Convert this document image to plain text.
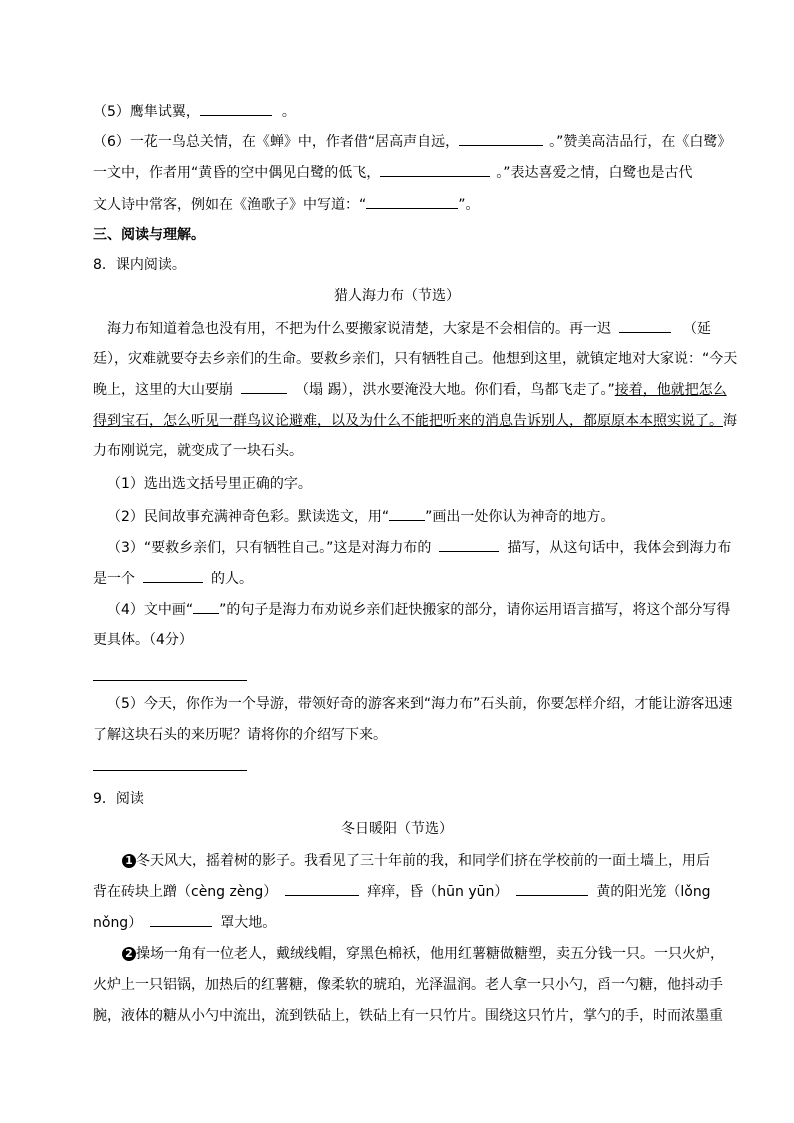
（5）鹰隼试翼，	。
（6）一花一鸟总关情，在《蝉》中，作者借“居高声自远，	。”赞美高洁品行，在《白鹭》
一文中，作者用“黄昏的空中偶见白鹭的低飞，	。”表达喜爱之情，白鹭也是古代
文人诗中常客，例如在《渔歌子》中写道：“	”。
三、阅读与理解。
8．课内阅读。
猎人海力布（节选）
海力布知道着急也没有用，不把为什么要搬家说清楚，大家是不会相信的。再一迟	（延
廷），灾难就要夺去乡亲们的生命。要救乡亲们，只有牺牲自己。他想到这里，就镇定地对大家说：“今天
晚上，这里的大山要崩	（塌 踢），洪水要淹没大地。你们看，鸟都飞走了。”接着，他就把怎么
得到宝石，怎么听见一群鸟议论避难，以及为什么不能把听来的消息告诉别人，都原原本本照实说了。海
力布刚说完，就变成了一块石头。
（1）选出选文括号里正确的字。
（2）民间故事充满神奇色彩。默读选文，用“	”画出一处你认为神奇的地方。
（3）“要救乡亲们，只有牺牲自己。”这是对海力布的	描写，从这句话中，我体会到海力布
是一个	的人。
（4）文中画“ ”的句子是海力布劝说乡亲们赶快搬家的部分，请你运用语言描写，将这个部分写得
更具体。（4分）
（5）今天，你作为一个导游，带领好奇的游客来到“海力布”石头前，你要怎样介绍，才能让游客迅速
了解这块石头的来历呢？请将你的介绍写下来。
9．阅读
冬日暖阳（节选）
1 冬天风大，摇着树的影子。我看见了三十年前的我，和同学们挤在学校前的一面土墙上，用后
背在砖块上蹭（cèng zèng）	痒痒，昏（hūn yūn）	黄的阳光笼（lǒng
nǒng）	罩大地。
2 操场一角有一位老人，戴绒线帽，穿黑色棉袄，他用红薯糖做糖塑，卖五分钱一只。一只火炉，
火炉上一只铝锅，加热后的红薯糖，像柔软的琥珀，光泽温润。老人拿一只小勺，舀一勺糖，他抖动手
腕，液体的糖从小勺中流出，流到铁砧上，铁砧上有一只竹片。围绕这只竹片，掌勺的手，时而浓墨重
